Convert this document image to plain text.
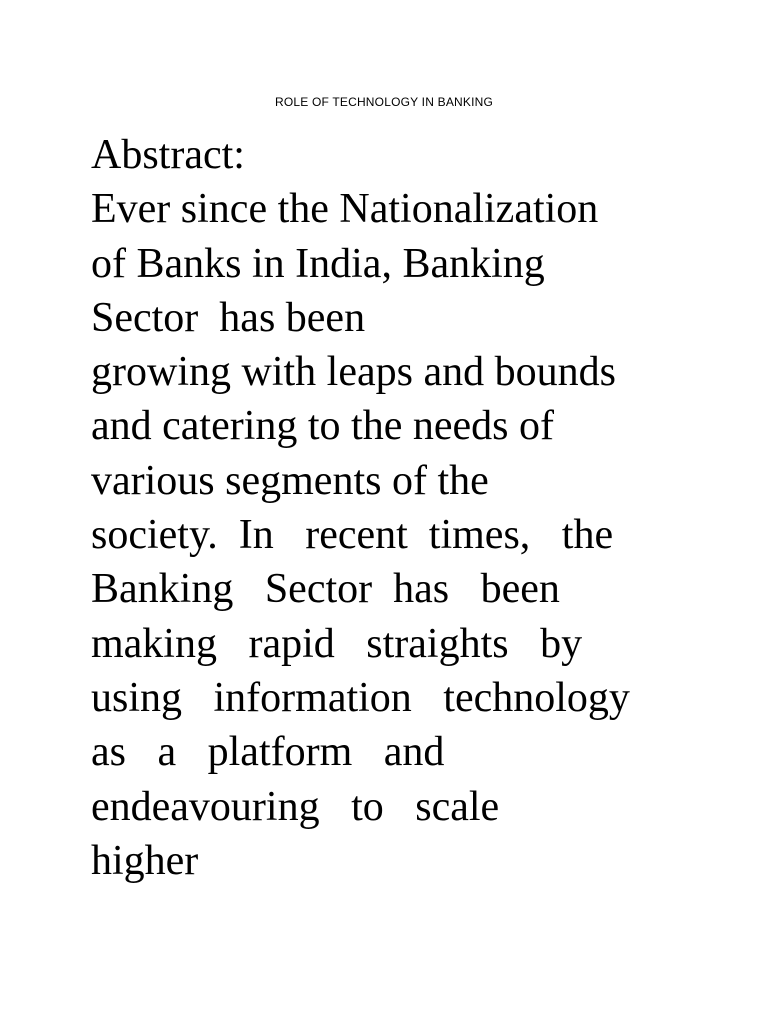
ROLE OF TECHNOLOGY IN BANKING
Abstract:
Ever since the Nationalization
of Banks in India, Banking
Sector  has been
growing with leaps and bounds
and catering to the needs of
various segments of the
society.  In   recent  times,   the
Banking   Sector  has   been
making   rapid   straights   by
using   information   technology
as   a   platform   and
endeavouring   to   scale
higher
